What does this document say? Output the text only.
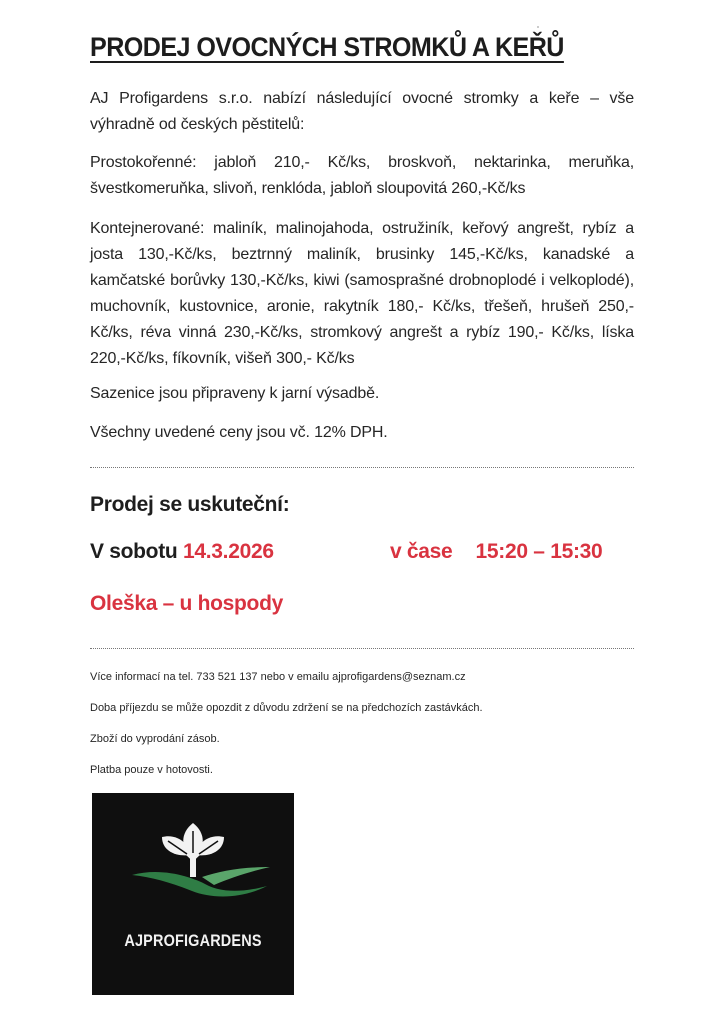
PRODEJ OVOCNÝCH STROMKŮ A KEŘŮ
AJ Profigardens s.r.o. nabízí následující ovocné stromky a keře – vše výhradně od českých pěstitelů:
Prostokořenné: jabloň 210,- Kč/ks, broskvoň, nektarinka, meruňka, švestkomeruňka, slivoň, renklóda, jabloň sloupovitá 260,-Kč/ks
Kontejnerované: maliník, malinojahoda, ostružiník, keřový angrešt, rybíz a josta 130,-Kč/ks, beztrnný maliník, brusinky 145,-Kč/ks, kanadské a kamčatské borůvky 130,-Kč/ks, kiwi (samosprašné drobnoplodé i velkoplodé), muchovník, kustovnice, aronie, rakytník 180,- Kč/ks, třešeň, hrušeň 250,-Kč/ks, réva vinná 230,-Kč/ks, stromkový angrešt a rybíz 190,- Kč/ks, líska 220,-Kč/ks, fíkovník, višeň 300,- Kč/ks
Sazenice jsou připraveny k jarní výsadbě.
Všechny uvedené ceny jsou vč. 12% DPH.
Prodej se uskuteční:
V sobotu 14.3.2026	v čase 15:20 – 15:30
Oleška – u hospody
Více informací na tel. 733 521 137 nebo v emailu ajprofigardens@seznam.cz
Doba příjezdu se může opozdit z důvodu zdržení se na předchozích zastávkách.
Zboží do vyprodání zásob.
Platba pouze v hotovosti.
AJPROFIGARDENS
